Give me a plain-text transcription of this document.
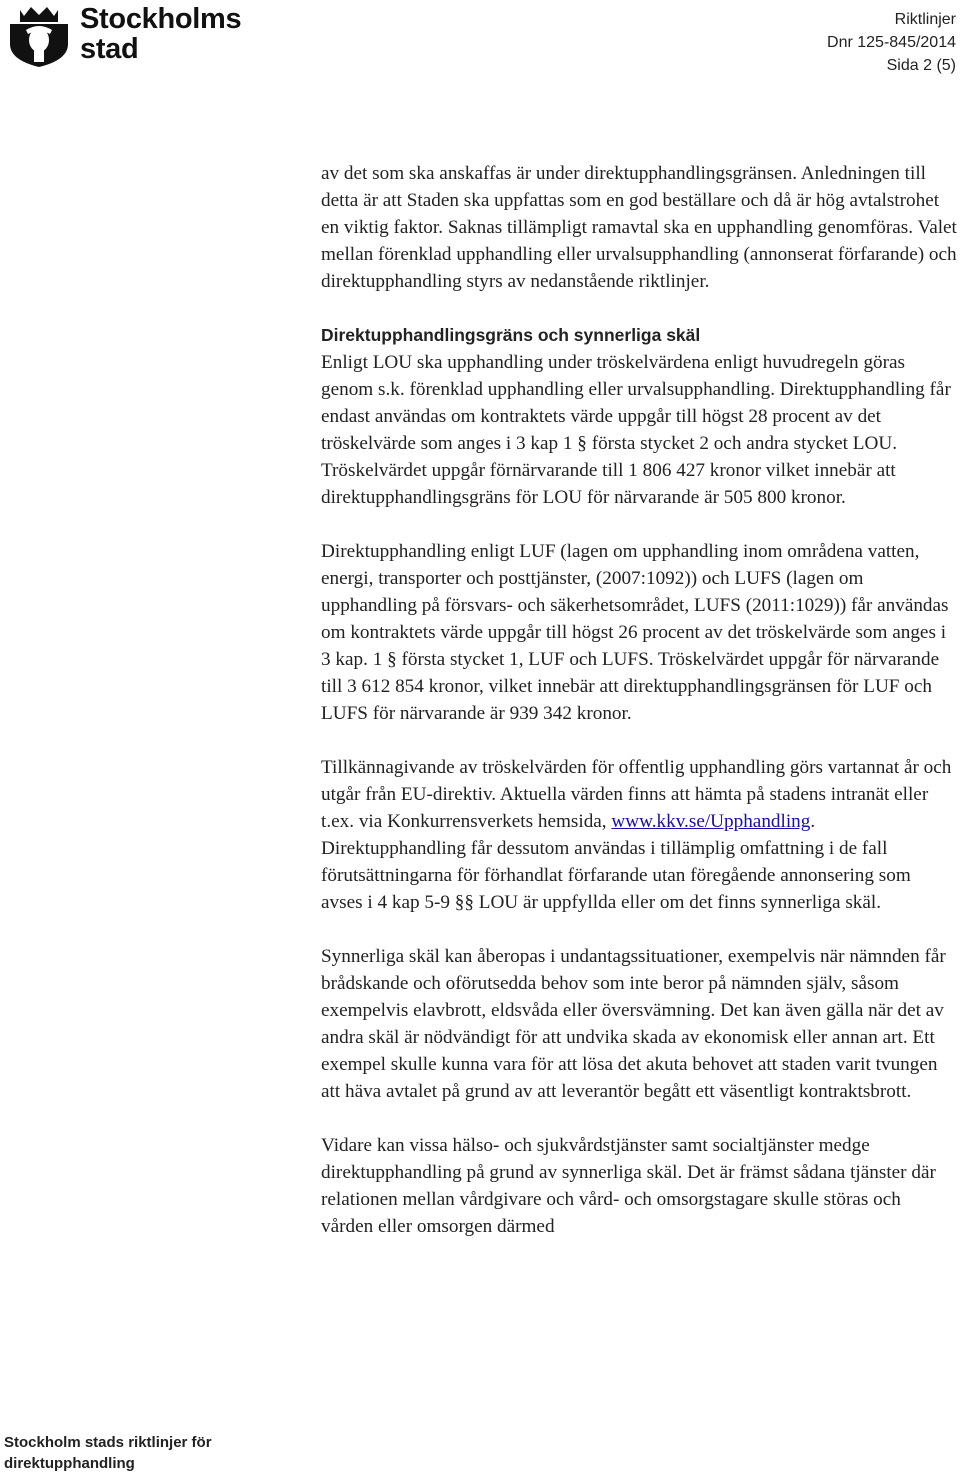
Stockholms
stad
Riktlinjer
Dnr 125-845/2014
Sida 2 (5)

av det som ska anskaffas är under direktupphandlingsgränsen. Anledningen till detta är att Staden ska uppfattas som en god beställare och då är hög avtalstrohet en viktig faktor. Saknas tillämpligt ramavtal ska en upphandling genomföras. Valet mellan förenklad upphandling eller urvalsupphandling (annonserat förfarande) och direktupphandling styrs av nedanstående riktlinjer.

Direktupphandlingsgräns och synnerliga skäl

Enligt LOU ska upphandling under tröskelvärdena enligt huvudregeln göras genom s.k. förenklad upphandling eller urvalsupphandling. Direktupphandling får endast användas om kontraktets värde uppgår till högst 28 procent av det tröskelvärde som anges i 3 kap 1 § första stycket 2 och andra stycket LOU. Tröskelvärdet uppgår förnärvarande till 1 806 427 kronor vilket innebär att direktupphandlingsgräns för LOU för närvarande är 505 800 kronor.

Direktupphandling enligt LUF (lagen om upphandling inom områdena vatten, energi, transporter och posttjänster, (2007:1092)) och LUFS (lagen om upphandling på försvars- och säkerhetsområdet, LUFS (2011:1029)) får användas om kontraktets värde uppgår till högst 26 procent av det tröskelvärde som anges i 3 kap. 1 § första stycket 1, LUF och LUFS. Tröskelvärdet uppgår för närvarande till 3 612 854 kronor, vilket innebär att direktupphandlingsgränsen för LUF och LUFS för närvarande är 939 342 kronor.

Tillkännagivande av tröskelvärden för offentlig upphandling görs vartannat år och utgår från EU-direktiv. Aktuella värden finns att hämta på stadens intranät eller t.ex. via Konkurrensverkets hemsida, www.kkv.se/Upphandling.

Direktupphandling får dessutom användas i tillämplig omfattning i de fall förutsättningarna för förhandlat förfarande utan föregående annonsering som avses i 4 kap 5-9 §§ LOU är uppfyllda eller om det finns synnerliga skäl.

Synnerliga skäl kan åberopas i undantagssituationer, exempelvis när nämnden får brådskande och oförutsedda behov som inte beror på nämnden själv, såsom exempelvis elavbrott, eldsvåda eller översvämning. Det kan även gälla när det av andra skäl är nödvändigt för att undvika skada av ekonomisk eller annan art. Ett exempel skulle kunna vara för att lösa det akuta behovet att staden varit tvungen att häva avtalet på grund av att leverantör begått ett väsentligt kontraktsbrott.

Vidare kan vissa hälso- och sjukvårdstjänster samt socialtjänster medge direktupphandling på grund av synnerliga skäl. Det är främst sådana tjänster där relationen mellan vårdgivare och vård- och omsorgstagare skulle störas och vården eller omsorgen därmed

Stockholm stads riktlinjer för direktupphandling
